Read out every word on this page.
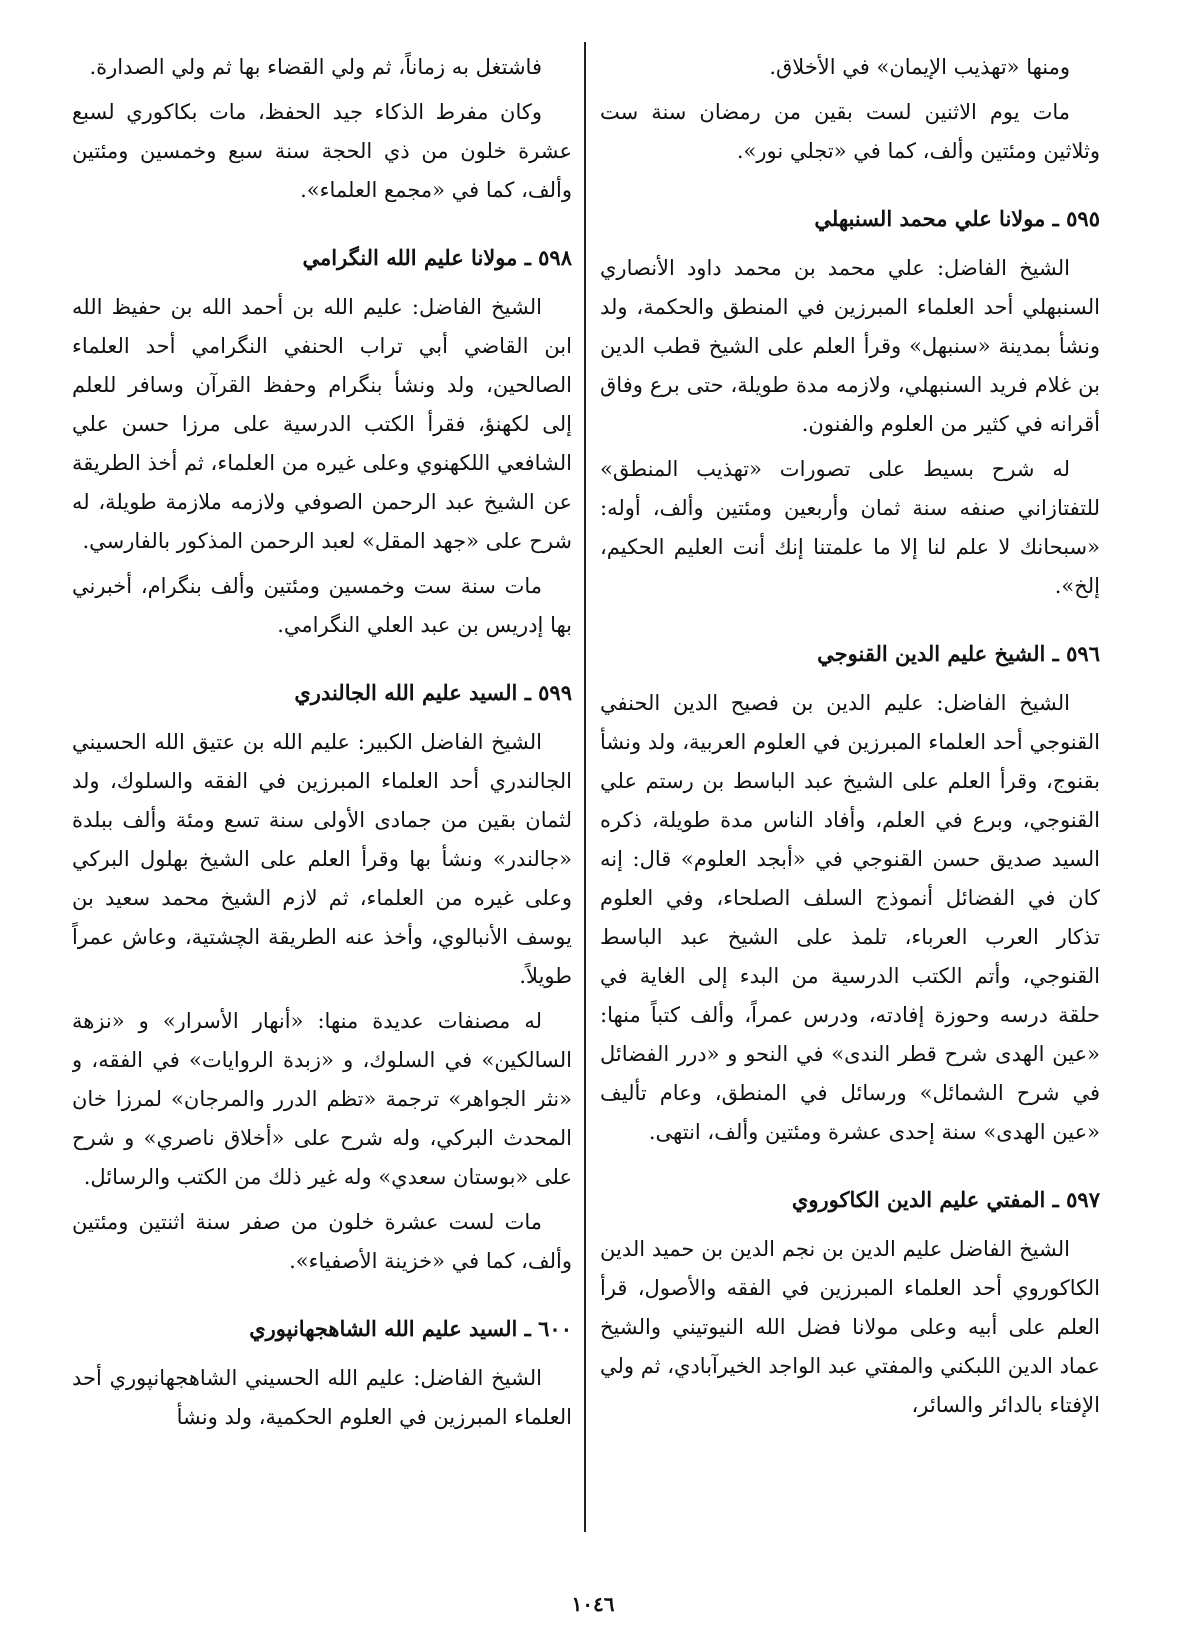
ومنها «تهذيب الإيمان» في الأخلاق.

مات يوم الاثنين لست بقين من رمضان سنة ست وثلاثين ومئتين وألف، كما في «تجلي نور».

٥٩٥ ـ مولانا علي محمد السنبهلي

الشيخ الفاضل: علي محمد بن محمد داود الأنصاري السنبهلي أحد العلماء المبرزين في المنطق والحكمة، ولد ونشأ بمدينة «سنبهل» وقرأ العلم على الشيخ قطب الدين بن غلام فريد السنبهلي، ولازمه مدة طويلة، حتى برع وفاق أقرانه في كثير من العلوم والفنون.

له شرح بسيط على تصورات «تهذيب المنطق» للتفتازاني صنفه سنة ثمان وأربعين ومئتين وألف، أوله: «سبحانك لا علم لنا إلا ما علمتنا إنك أنت العليم الحكيم، إلخ».

٥٩٦ ـ الشيخ عليم الدين القنوجي

الشيخ الفاضل: عليم الدين بن فصيح الدين الحنفي القنوجي أحد العلماء المبرزين في العلوم العربية، ولد ونشأ بقنوج، وقرأ العلم على الشيخ عبد الباسط بن رستم علي القنوجي، وبرع في العلم، وأفاد الناس مدة طويلة، ذكره السيد صديق حسن القنوجي في «أبجد العلوم» قال: إنه كان في الفضائل أنموذج السلف الصلحاء، وفي العلوم تذكار العرب العرباء، تلمذ على الشيخ عبد الباسط القنوجي، وأتم الكتب الدرسية من البدء إلى الغاية في حلقة درسه وحوزة إفادته، ودرس عمراً، وألف كتباً منها: «عين الهدى شرح قطر الندى» في النحو و «درر الفضائل في شرح الشمائل» ورسائل في المنطق، وعام تأليف «عين الهدى» سنة إحدى عشرة ومئتين وألف، انتهى.

٥٩٧ ـ المفتي عليم الدين الكاكوروي

الشيخ الفاضل عليم الدين بن نجم الدين بن حميد الدين الكاكوروي أحد العلماء المبرزين في الفقه والأصول، قرأ العلم على أبيه وعلى مولانا فضل الله النيوتيني والشيخ عماد الدين اللبكني والمفتي عبد الواجد الخيرآبادي، ثم ولي الإفتاء بالدائر والسائر،

فاشتغل به زماناً، ثم ولي القضاء بها ثم ولي الصدارة.

وكان مفرط الذكاء جيد الحفظ، مات بكاكوري لسبع عشرة خلون من ذي الحجة سنة سبع وخمسين ومئتين وألف، كما في «مجمع العلماء».

٥٩٨ ـ مولانا عليم الله النگرامي

الشيخ الفاضل: عليم الله بن أحمد الله بن حفيظ الله ابن القاضي أبي تراب الحنفي النگرامي أحد العلماء الصالحين، ولد ونشأ بنگرام وحفظ القرآن وسافر للعلم إلى لكهنؤ، فقرأ الكتب الدرسية على مرزا حسن علي الشافعي اللكهنوي وعلى غيره من العلماء، ثم أخذ الطريقة عن الشيخ عبد الرحمن الصوفي ولازمه ملازمة طويلة، له شرح على «جهد المقل» لعبد الرحمن المذكور بالفارسي.

مات سنة ست وخمسين ومئتين وألف بنگرام، أخبرني بها إدريس بن عبد العلي النگرامي.

٥٩٩ ـ السيد عليم الله الجالندري

الشيخ الفاضل الكبير: عليم الله بن عتيق الله الحسيني الجالندري أحد العلماء المبرزين في الفقه والسلوك، ولد لثمان بقين من جمادى الأولى سنة تسع ومئة وألف ببلدة «جالندر» ونشأ بها وقرأ العلم على الشيخ بهلول البركي وعلى غيره من العلماء، ثم لازم الشيخ محمد سعيد بن يوسف الأنبالوي، وأخذ عنه الطريقة الچشتية، وعاش عمراً طويلاً.

له مصنفات عديدة منها: «أنهار الأسرار» و «نزهة السالكين» في السلوك، و «زبدة الروايات» في الفقه، و «نثر الجواهر» ترجمة «تظم الدرر والمرجان» لمرزا خان المحدث البركي، وله شرح على «أخلاق ناصري» و شرح على «بوستان سعدي» وله غير ذلك من الكتب والرسائل.

مات لست عشرة خلون من صفر سنة اثنتين ومئتين وألف، كما في «خزينة الأصفياء».

٦٠٠ ـ السيد عليم الله الشاهجهانپوري

الشيخ الفاضل: عليم الله الحسيني الشاهجهانپوري أحد العلماء المبرزين في العلوم الحكمية، ولد ونشأ

١٠٤٦
